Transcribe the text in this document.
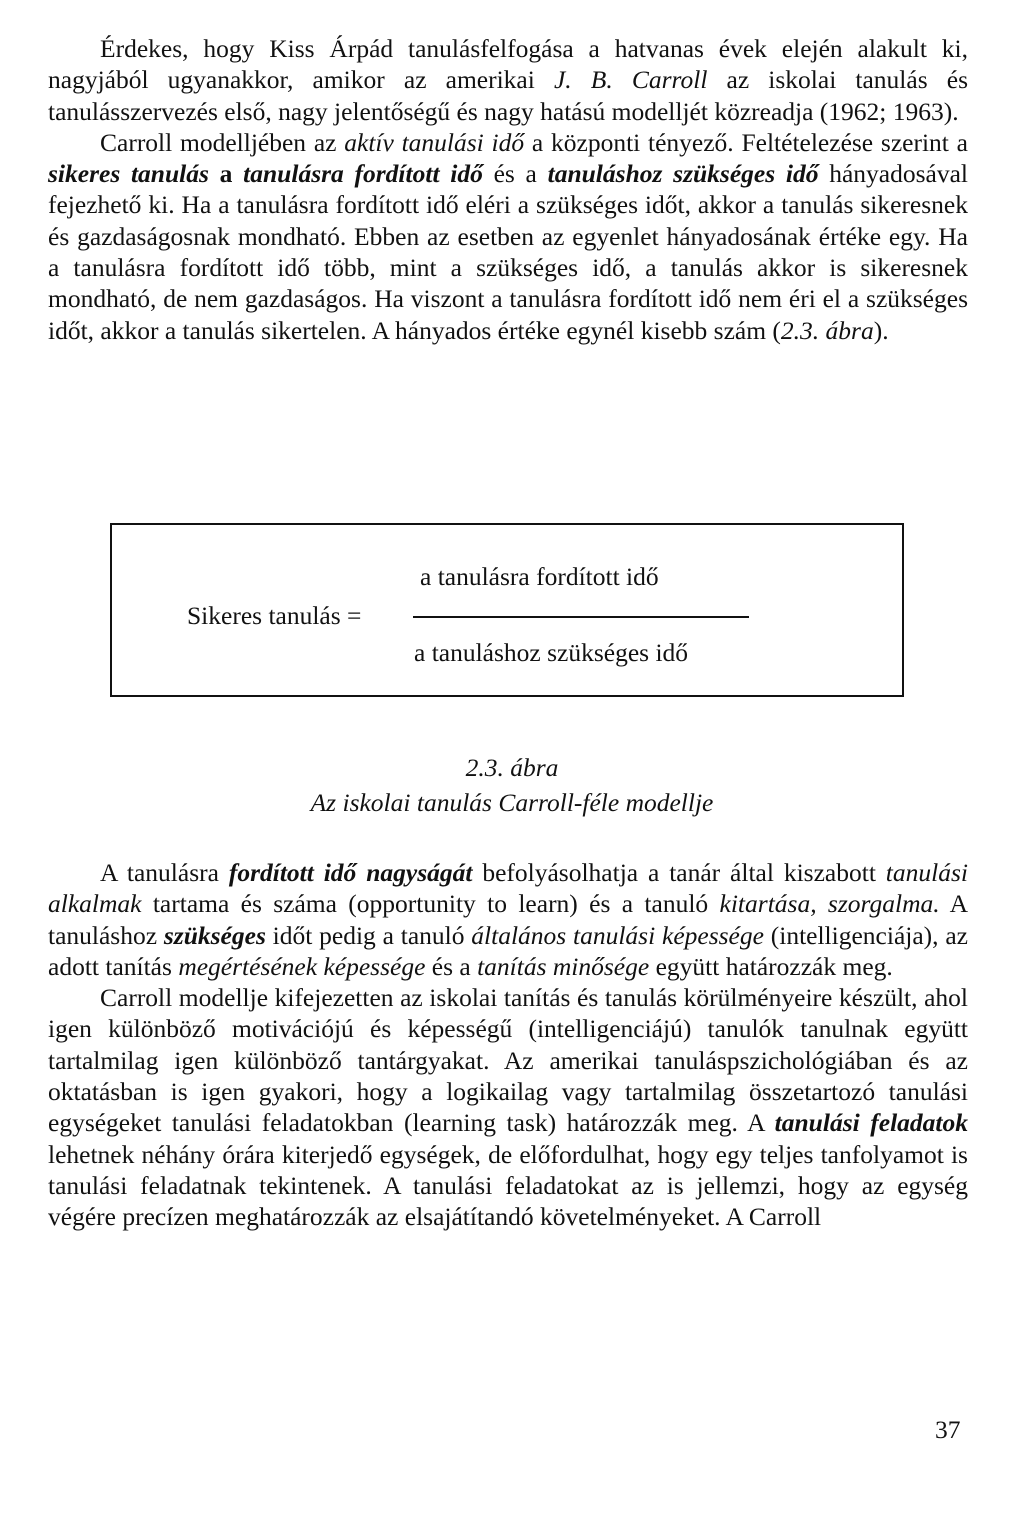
Érdekes, hogy Kiss Árpád tanulásfelfogása a hatvanas évek elején alakult ki, nagyjából ugyanakkor, amikor az amerikai J. B. Carroll az iskolai tanulás és tanulásszervezés első, nagy jelentőségű és nagy hatású modelljét közreadja (1962; 1963).

Carroll modelljében az aktív tanulási idő a központi tényező. Feltételezése szerint a sikeres tanulás a tanulásra fordított idő és a tanuláshoz szükséges idő hányadosával fejezhető ki. Ha a tanulásra fordított idő eléri a szükséges időt, akkor a tanulás sikeresnek és gazdaságosnak mondható. Ebben az esetben az egyenlet hányadosának értéke egy. Ha a tanulásra fordított idő több, mint a szükséges idő, a tanulás akkor is sikeresnek mondható, de nem gazdaságos. Ha viszont a tanulásra fordított idő nem éri el a szükséges időt, akkor a tanulás sikertelen. A hányados értéke egynél kisebb szám (2.3. ábra).

a tanulásra fordított idő
Sikeres tanulás =
a tanuláshoz szükséges idő
2.3. ábra
Az iskolai tanulás Carroll-féle modellje

A tanulásra fordított idő nagyságát befolyásolhatja a tanár által kiszabott tanulási alkalmak tartama és száma (opportunity to learn) és a tanuló kitartása, szorgalma. A tanuláshoz szükséges időt pedig a tanuló általános tanulási képessége (intelligenciája), az adott tanítás megértésének képessége és a tanítás minősége együtt határozzák meg.

Carroll modellje kifejezetten az iskolai tanítás és tanulás körülményeire készült, ahol igen különböző motivációjú és képességű (intelligenciájú) tanulók tanulnak együtt tartalmilag igen különböző tantárgyakat. Az amerikai tanuláspszichológiában és az oktatásban is igen gyakori, hogy a logikailag vagy tartalmilag összetartozó tanulási egységeket tanulási feladatokban (learning task) határozzák meg. A tanulási feladatok lehetnek néhány órára kiterjedő egységek, de előfordulhat, hogy egy teljes tanfolyamot is tanulási feladatnak tekintenek. A tanulási feladatokat az is jellemzi, hogy az egység végére precízen meghatározzák az elsajátítandó követelményeket. A Carroll

37
